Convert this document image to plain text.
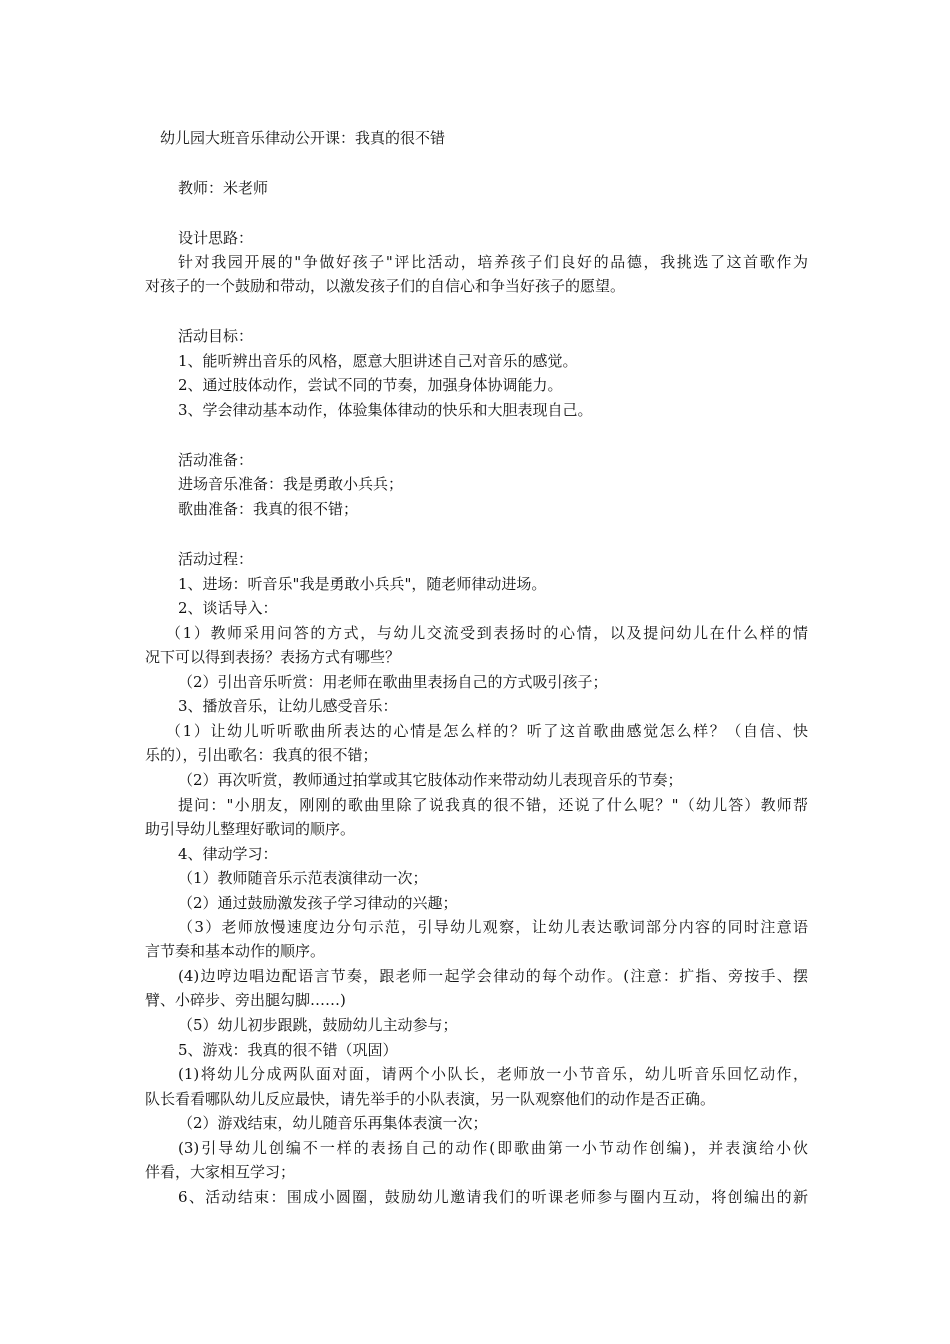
幼儿园大班音乐律动公开课：我真的很不错
教师：米老师
设计思路：
针对我园开展的"争做好孩子"评比活动，培养孩子们良好的品德，我挑选了这首歌作为
对孩子的一个鼓励和带动，以激发孩子们的自信心和争当好孩子的愿望。
活动目标：
1、能听辨出音乐的风格，愿意大胆讲述自己对音乐的感觉。
2、通过肢体动作，尝试不同的节奏，加强身体协调能力。
3、学会律动基本动作，体验集体律动的快乐和大胆表现自己。
活动准备：
进场音乐准备：我是勇敢小兵兵；
歌曲准备：我真的很不错；
活动过程：
1、进场：听音乐"我是勇敢小兵兵"，随老师律动进场。
2、谈话导入：
（1）教师采用问答的方式，与幼儿交流受到表扬时的心情，以及提问幼儿在什么样的情
况下可以得到表扬？表扬方式有哪些？
（2）引出音乐听赏：用老师在歌曲里表扬自己的方式吸引孩子；
3、播放音乐，让幼儿感受音乐：
（1）让幼儿听听歌曲所表达的心情是怎么样的？听了这首歌曲感觉怎么样？（自信、快
乐的），引出歌名：我真的很不错；
（2）再次听赏，教师通过拍掌或其它肢体动作来带动幼儿表现音乐的节奏；
提问："小朋友，刚刚的歌曲里除了说我真的很不错，还说了什么呢？"（幼儿答）教师帮
助引导幼儿整理好歌词的顺序。
4、律动学习：
（1）教师随音乐示范表演律动一次；
（2）通过鼓励激发孩子学习律动的兴趣；
（3）老师放慢速度边分句示范，引导幼儿观察，让幼儿表达歌词部分内容的同时注意语
言节奏和基本动作的顺序。
(4)边哼边唱边配语言节奏，跟老师一起学会律动的每个动作。(注意：扩指、旁按手、摆
臂、小碎步、旁出腿勾脚……)
（5）幼儿初步跟跳，鼓励幼儿主动参与；
5、游戏：我真的很不错（巩固）
(1)将幼儿分成两队面对面，请两个小队长，老师放一小节音乐，幼儿听音乐回忆动作，
队长看看哪队幼儿反应最快，请先举手的小队表演，另一队观察他们的动作是否正确。
（2）游戏结束，幼儿随音乐再集体表演一次；
(3)引导幼儿创编不一样的表扬自己的动作(即歌曲第一小节动作创编)，并表演给小伙
伴看，大家相互学习；
6、活动结束：围成小圆圈，鼓励幼儿邀请我们的听课老师参与圈内互动，将创编出的新
